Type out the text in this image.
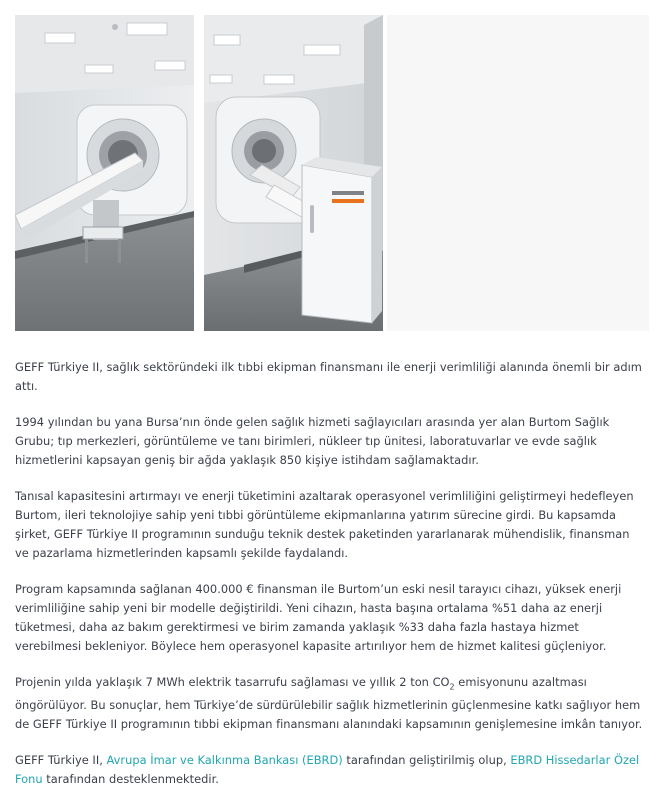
GEFF Türkiye II, sağlık sektöründeki ilk tıbbi ekipman finansmanı ile enerji verimliliği alanında önemli bir adım attı.

1994 yılından bu yana Bursa’nın önde gelen sağlık hizmeti sağlayıcıları arasında yer alan Burtom Sağlık Grubu; tıp merkezleri, görüntüleme ve tanı birimleri, nükleer tıp ünitesi, laboratuvarlar ve evde sağlık hizmetlerini kapsayan geniş bir ağda yaklaşık 850 kişiye istihdam sağlamaktadır.

Tanısal kapasitesini artırmayı ve enerji tüketimini azaltarak operasyonel verimliliğini geliştirmeyi hedefleyen Burtom, ileri teknolojiye sahip yeni tıbbi görüntüleme ekipmanlarına yatırım sürecine girdi. Bu kapsamda şirket, GEFF Türkiye II programının sunduğu teknik destek paketinden yararlanarak mühendislik, finansman ve pazarlama hizmetlerinden kapsamlı şekilde faydalandı.

Program kapsamında sağlanan 400.000 € finansman ile Burtom’un eski nesil tarayıcı cihazı, yüksek enerji verimliliğine sahip yeni bir modelle değiştirildi. Yeni cihazın, hasta başına ortalama %51 daha az enerji tüketmesi, daha az bakım gerektirmesi ve birim zamanda yaklaşık %33 daha fazla hastaya hizmet verebilmesi bekleniyor. Böylece hem operasyonel kapasite artırılıyor hem de hizmet kalitesi güçleniyor.

Projenin yılda yaklaşık 7 MWh elektrik tasarrufu sağlaması ve yıllık 2 ton $CO_2$ emisyonunu azaltması öngörülüyor. Bu sonuçlar, hem Türkiye’de sürdürülebilir sağlık hizmetlerinin güçlenmesine katkı sağlıyor hem de GEFF Türkiye II programının tıbbi ekipman finansmanı alanındaki kapsamının genişlemesine imkân tanıyor.

GEFF Türkiye II, Avrupa İmar ve Kalkınma Bankası (EBRD) tarafından geliştirilmiş olup, EBRD Hissedarlar Özel Fonu tarafından desteklenmektedir.
